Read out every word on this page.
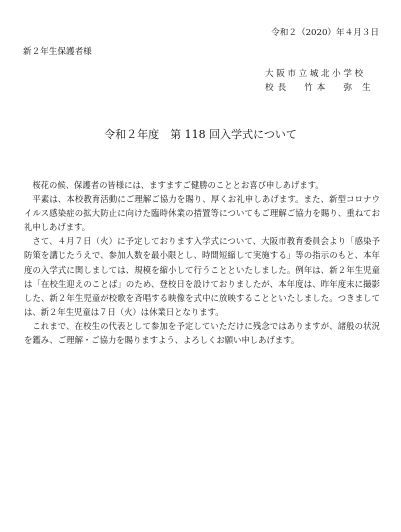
令和２（2020）年４月３日
新２年生保護者様
大阪市立城北小学校
校長 竹本 弥生
令和２年度　第 118 回入学式について

桜花の候、保護者の皆様には、ますますご健勝のこととお喜び申しあげます。

平素は、本校教育活動にご理解ご協力を賜り、厚くお礼申しあげます。また、新型コロナウイルス感染症の拡大防止に向けた臨時休業の措置等についてもご理解ご協力を賜り、重ねてお礼申しあげます。

さて、４月７日（火）に予定しております入学式について、大阪市教育委員会より「感染予防策を講じたうえで、参加人数を最小限とし、時間短縮して実施する」等の指示のもと、本年度の入学式に関しましては、規模を縮小して行うことといたしました。例年は、新２年生児童は「在校生迎えのことば」のため、登校日を設けておりましたが、本年度は、昨年度末に撮影した、新２年生児童が校歌を斉唱する映像を式中に放映することといたしました。つきましては、新２年生児童は７日（火）は休業日となります。

これまで、在校生の代表として参加を予定していただけに残念ではありますが、諸般の状況を鑑み、ご理解・ご協力を賜りますよう、よろしくお願い申しあげます。
